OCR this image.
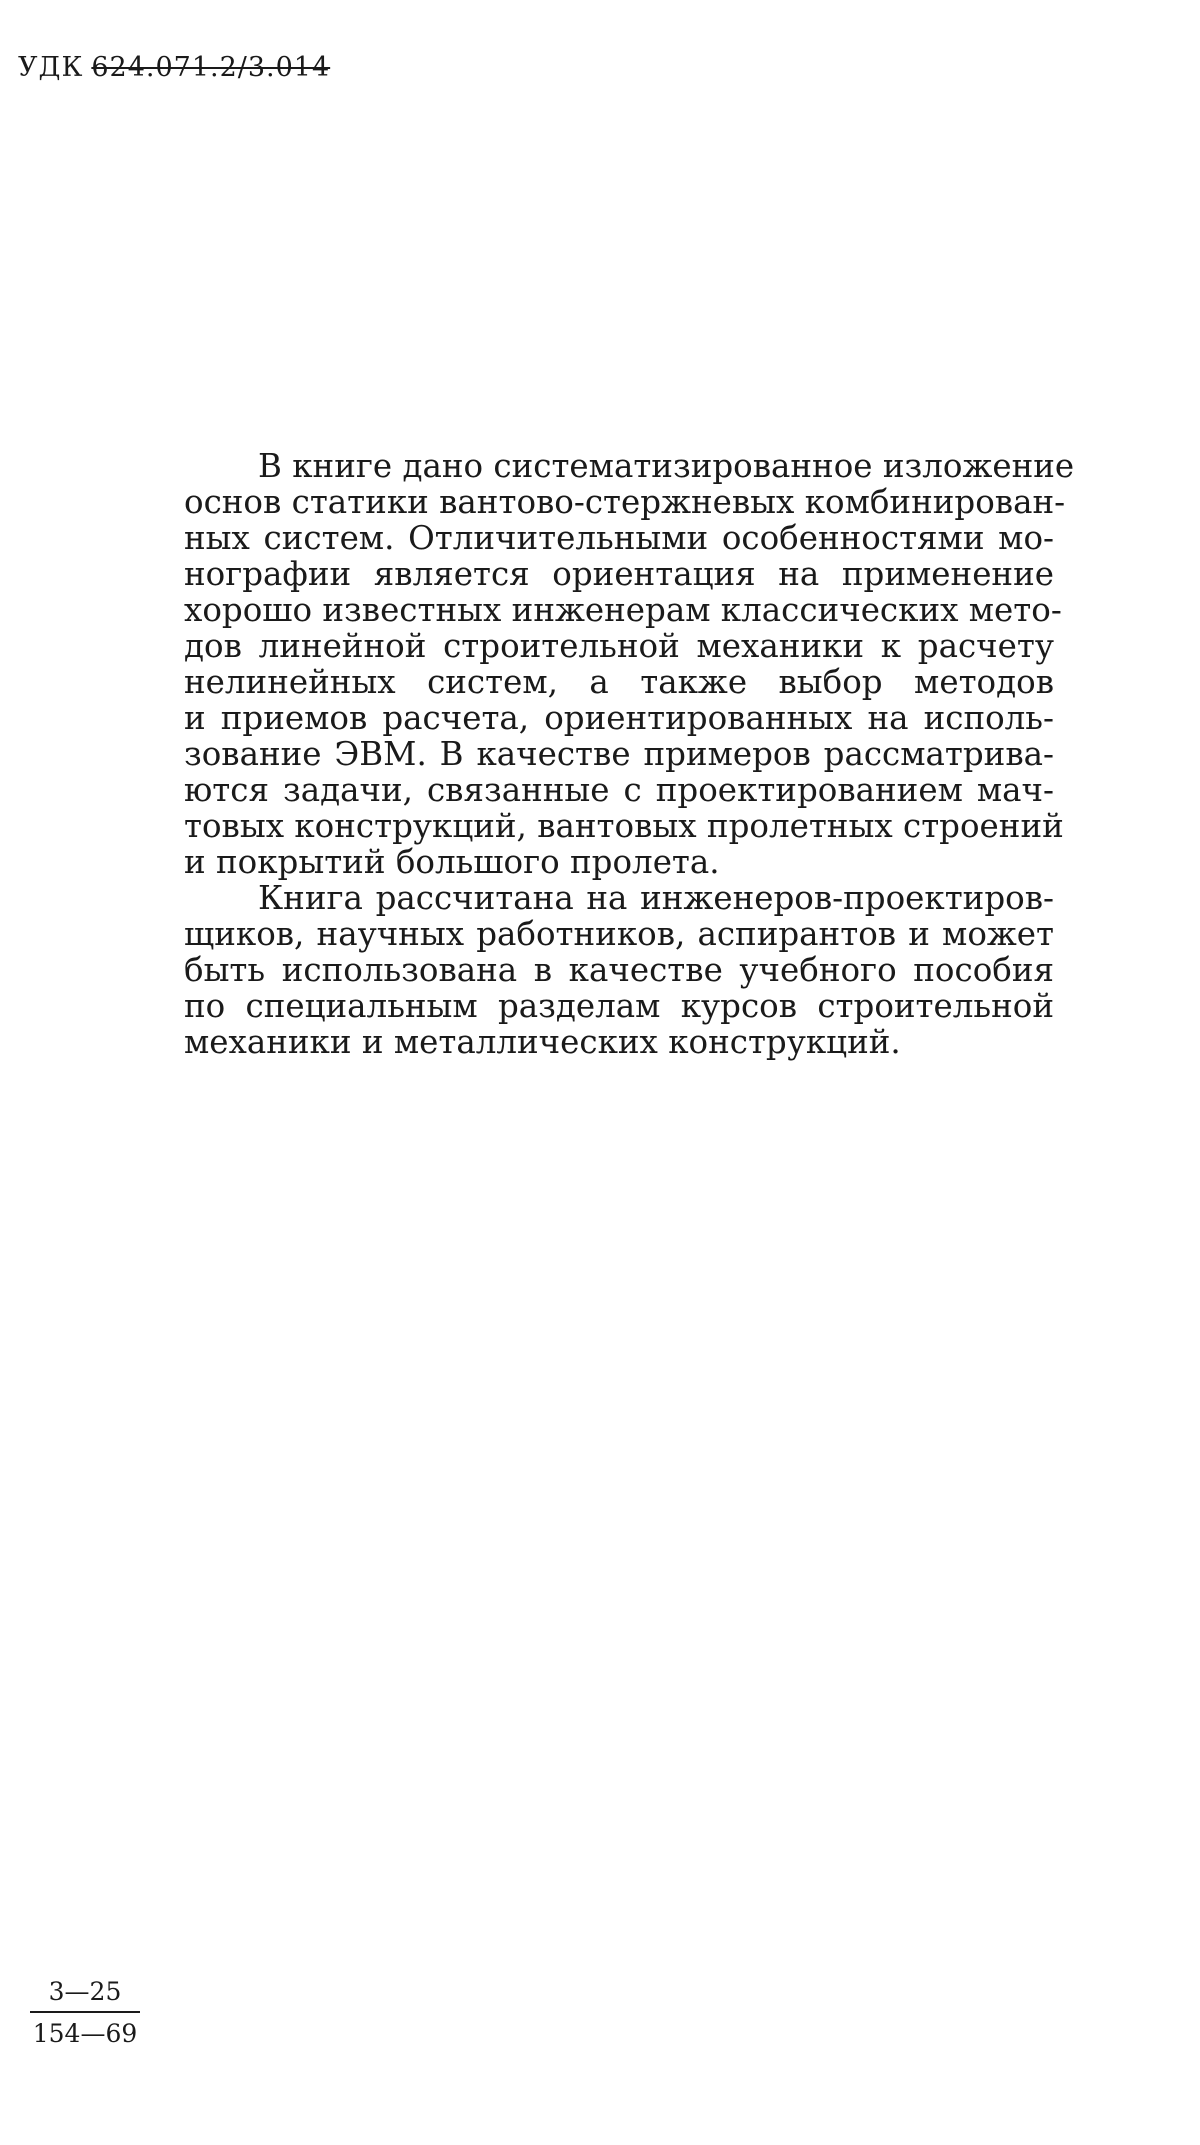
УДК 624.071.2/3.014
В книге дано систематизированное изложение
основ статики вантово-стержневых комбинирован-
ных систем. Отличительными особенностями мо-
нографии является ориентация на применение
хорошо известных инженерам классических мето-
дов линейной строительной механики к расчету
нелинейных систем, а также выбор методов
и приемов расчета, ориентированных на исполь-
зование ЭВМ. В качестве примеров рассматрива-
ются задачи, связанные с проектированием мач-
товых конструкций, вантовых пролетных строений
и покрытий большого пролета.
Книга рассчитана на инженеров-проектиров-
щиков, научных работников, аспирантов и может
быть использована в качестве учебного пособия
по специальным разделам курсов строительной
механики и металлических конструкций.
3—25
154—69
